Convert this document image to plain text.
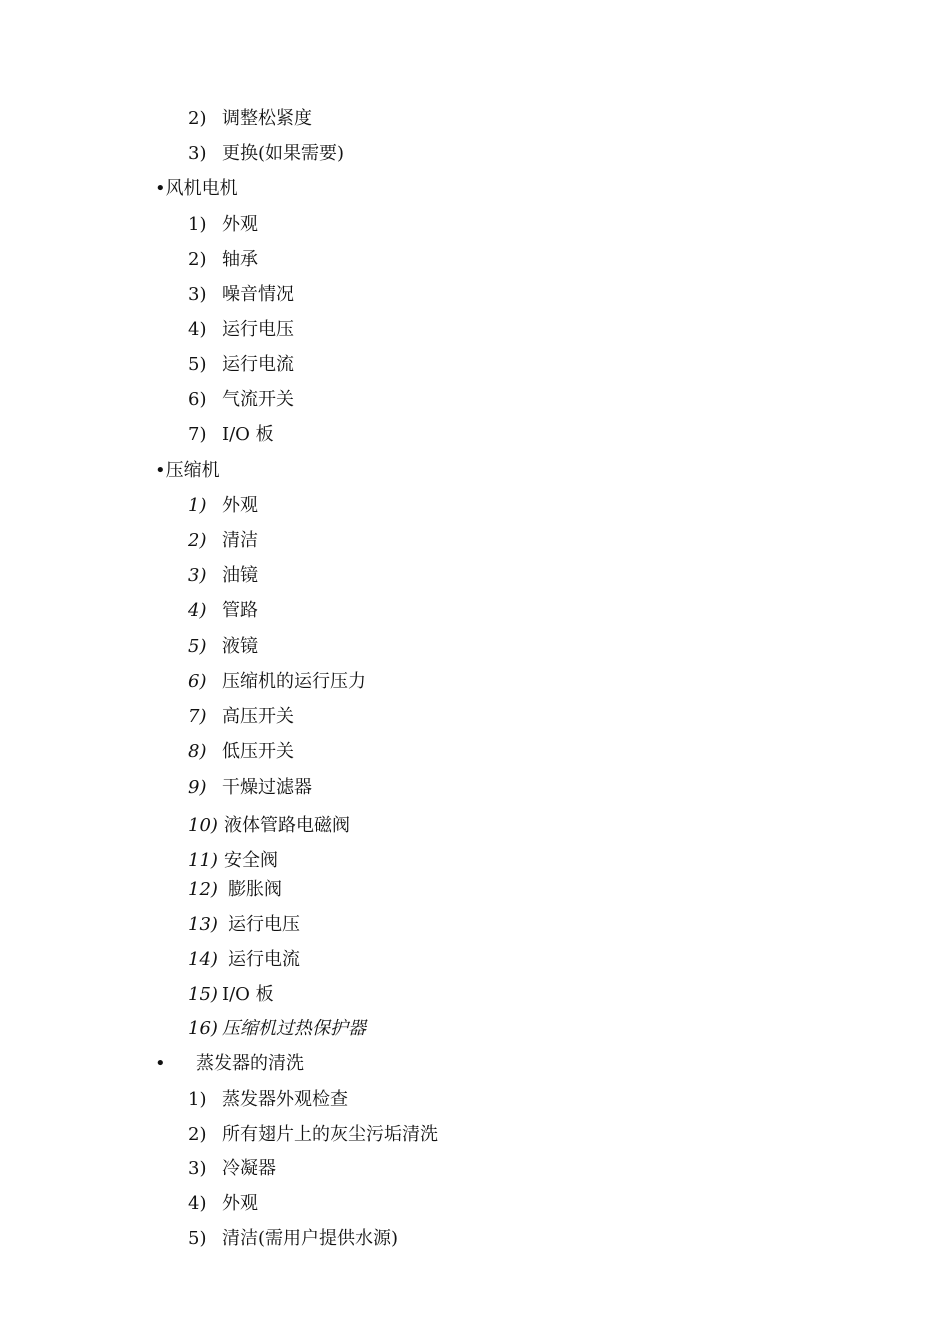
2) 调整松紧度
3) 更换(如果需要)
•风机电机
1) 外观
2) 轴承
3) 噪音情况
4) 运行电压
5) 运行电流
6) 气流开关
7) I/O 板
•压缩机
1) 外观
2) 清洁
3) 油镜
4) 管路
5) 液镜
6) 压缩机的运行压力
7) 高压开关
8) 低压开关
9) 干燥过滤器
10) 液体管路电磁阀
11) 安全阀
12) 膨胀阀
13) 运行电压
14) 运行电流
15) I/O 板
16) 压缩机过热保护器
• 蒸发器的清洗
1) 蒸发器外观检查
2) 所有翅片上的灰尘污垢清洗
3) 冷凝器
4) 外观
5) 清洁(需用户提供水源)
